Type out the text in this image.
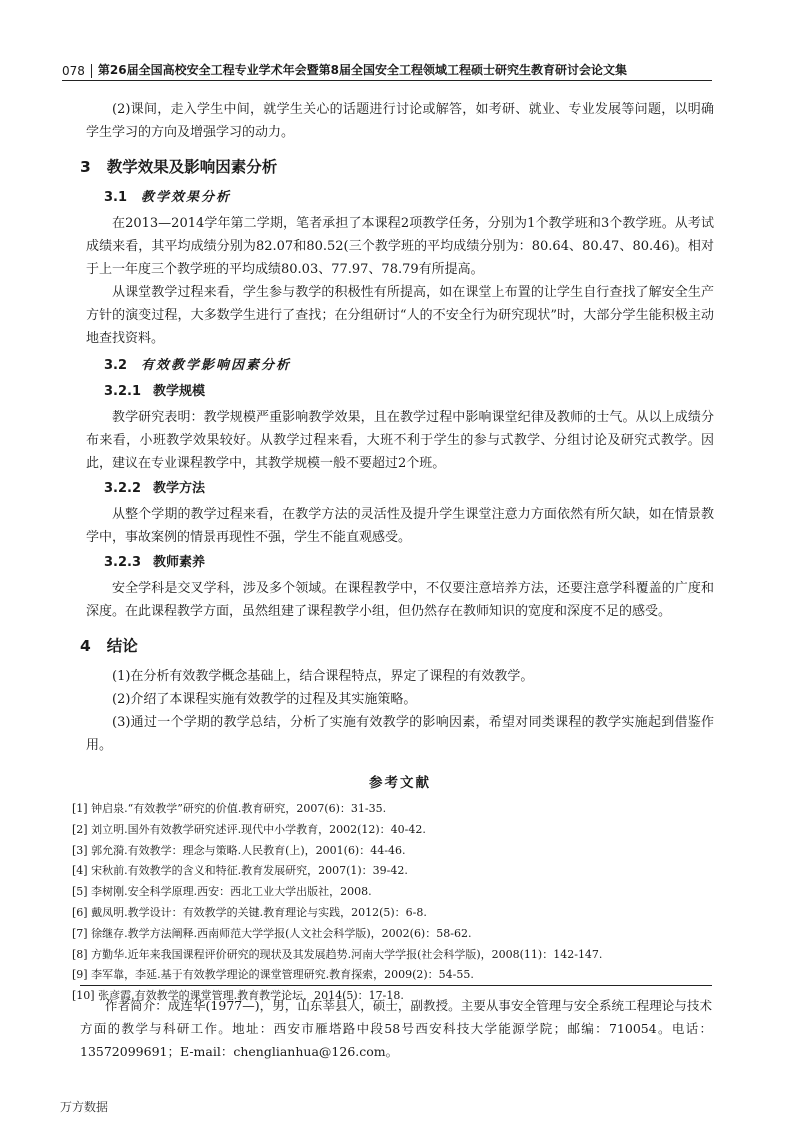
078	第26届全国高校安全工程专业学术年会暨第8届全国安全工程领域工程硕士研究生教育研讨会论文集

(2)课间，走入学生中间，就学生关心的话题进行讨论或解答，如考研、就业、专业发展等问题，以明确学生学习的方向及增强学习的动力。

3 教学效果及影响因素分析
3.1 教学效果分析

在2013—2014学年第二学期，笔者承担了本课程2项教学任务，分别为1个教学班和3个教学班。从考试成绩来看，其平均成绩分别为82.07和80.52(三个教学班的平均成绩分别为：80.64、80.47、80.46)。相对于上一年度三个教学班的平均成绩80.03、77.97、78.79有所提高。

从课堂教学过程来看，学生参与教学的积极性有所提高，如在课堂上布置的让学生自行查找了解安全生产方针的演变过程，大多数学生进行了查找；在分组研讨“人的不安全行为研究现状”时，大部分学生能积极主动地查找资料。

3.2 有效教学影响因素分析
3.2.1 教学规模

教学研究表明：教学规模严重影响教学效果，且在教学过程中影响课堂纪律及教师的士气。从以上成绩分布来看，小班教学效果较好。从教学过程来看，大班不利于学生的参与式教学、分组讨论及研究式教学。因此，建议在专业课程教学中，其教学规模一般不要超过2个班。

3.2.2 教学方法

从整个学期的教学过程来看，在教学方法的灵活性及提升学生课堂注意力方面依然有所欠缺，如在情景教学中，事故案例的情景再现性不强，学生不能直观感受。

3.2.3 教师素养

安全学科是交叉学科，涉及多个领域。在课程教学中，不仅要注意培养方法，还要注意学科覆盖的广度和深度。在此课程教学方面，虽然组建了课程教学小组，但仍然存在教师知识的宽度和深度不足的感受。

4 结论

(1)在分析有效教学概念基础上，结合课程特点，界定了课程的有效教学。

(2)介绍了本课程实施有效教学的过程及其实施策略。

(3)通过一个学期的教学总结，分析了实施有效教学的影响因素，希望对同类课程的教学实施起到借鉴作用。

参考文献
[1] 钟启泉.“有效教学”研究的价值.教育研究，2007(6)：31-35.
[2] 刘立明.国外有效教学研究述评.现代中小学教育，2002(12)：40-42.
[3] 郭允漪.有效教学：理念与策略.人民教育(上)，2001(6)：44-46.
[4] 宋秋前.有效教学的含义和特征.教育发展研究，2007(1)：39-42.
[5] 李树刚.安全科学原理.西安：西北工业大学出版社，2008.
[6] 戴凤明.教学设计：有效教学的关键.教育理论与实践，2012(5)：6-8.
[7] 徐继存.教学方法阐释.西南师范大学学报(人文社会科学版)，2002(6)：58-62.
[8] 方勤华.近年来我国课程评价研究的现状及其发展趋势.河南大学学报(社会科学版)，2008(11)：142-147.
[9] 李军靠，李延.基于有效教学理论的课堂管理研究.教育探索，2009(2)：54-55.
[10] 张彦霞.有效教学的课堂管理.教育教学论坛，2014(5)：17-18.

作者简介：成连华(1977—)，男，山东莘县人，硕士，副教授。主要从事安全管理与安全系统工程理论与技术方面的教学与科研工作。地址：西安市雁塔路中段58号西安科技大学能源学院；邮编：710054。电话：13572099691；E-mail：chenglianhua@126.com。

万方数据
